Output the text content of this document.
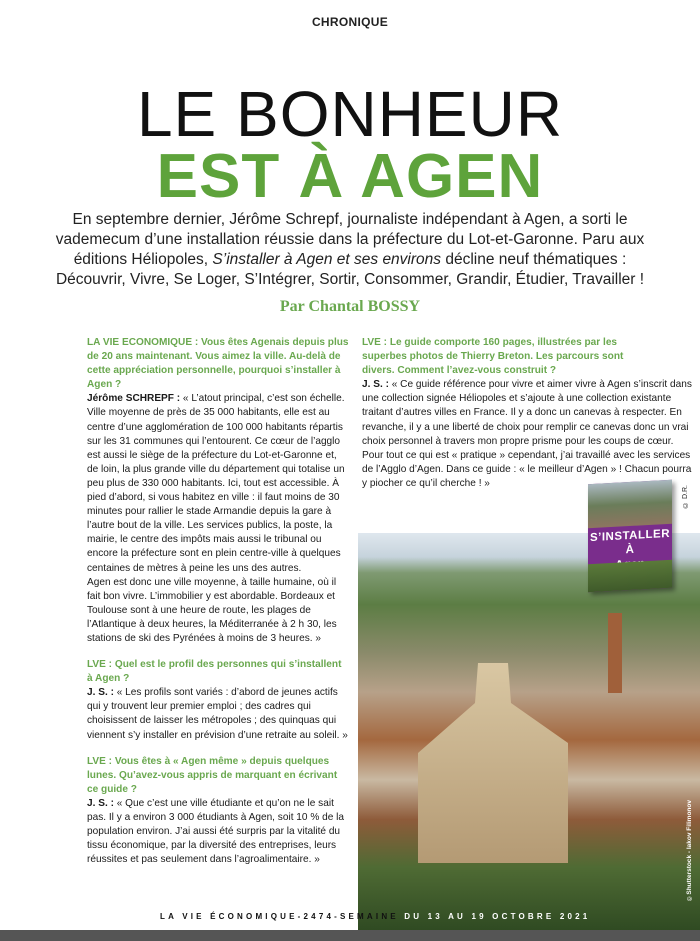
CHRONIQUE
LE BONHEUR
EST À AGEN

En septembre dernier, Jérôme Schrepf, journaliste indépendant à Agen, a sorti le vademecum d’une installation réussie dans la préfecture du Lot-et-Garonne. Paru aux éditions Héliopoles, S’installer à Agen et ses environs décline neuf thématiques : Découvrir, Vivre, Se Loger, S’Intégrer, Sortir, Consommer, Grandir, Étudier, Travailler !

Par Chantal BOSSY

LA VIE ECONOMIQUE : Vous êtes Agenais depuis plus de 20 ans maintenant. Vous aimez la ville. Au-delà de cette appréciation personnelle, pourquoi s’installer à Agen ?

Jérôme SCHREPF : « L’atout principal, c’est son échelle. Ville moyenne de près de 35 000 habitants, elle est au centre d’une agglomération de 100 000 habitants répartis sur les 31 communes qui l’entourent. Ce cœur de l’agglo est aussi le siège de la préfecture du Lot-et-Garonne et, de loin, la plus grande ville du département qui totalise un peu plus de 330 000 habitants. Ici, tout est accessible. À pied d’abord, si vous habitez en ville : il faut moins de 30 minutes pour rallier le stade Armandie depuis la gare à l’autre bout de la ville. Les services publics, la poste, la mairie, le centre des impôts mais aussi le tribunal ou encore la préfecture sont en plein centre-ville à quelques centaines de mètres à peine les uns des autres.

Agen est donc une ville moyenne, à taille humaine, où il fait bon vivre. L’immobilier y est abordable. Bordeaux et Toulouse sont à une heure de route, les plages de l’Atlantique à deux heures, la Méditerranée à 2 h 30, les stations de ski des Pyrénées à moins de 3 heures. »

LVE : Quel est le profil des personnes qui s’installent à Agen ?

J. S. : « Les profils sont variés : d’abord de jeunes actifs qui y trouvent leur premier emploi ; des cadres qui choisissent de laisser les métropoles ; des quinquas qui viennent s’y installer en prévision d’une retraite au soleil. »

LVE : Vous êtes à « Agen même » depuis quelques lunes. Qu’avez-vous appris de marquant en écrivant ce guide ?

J. S. : « Que c’est une ville étudiante et qu’on ne le sait pas. Il y a environ 3 000 étudiants à Agen, soit 10 % de la population environ. J’ai aussi été surpris par la vitalité du tissu économique, par la diversité des entreprises, leurs réussites et pas seulement dans l’agroalimentaire. »

LVE : Le guide comporte 160 pages, illustrées par les superbes photos de Thierry Breton. Les parcours sont divers. Comment l’avez-vous construit ?

J. S. : « Ce guide référence pour vivre et aimer vivre à Agen s’inscrit dans une collection signée Héliopoles et s’ajoute à une collection existante traitant d’autres villes en France. Il y a donc un canevas à respecter. En revanche, il y a une liberté de choix pour remplir ce canevas donc un vrai choix personnel à travers mon propre prisme pour les coups de cœur. Pour tout ce qui est « pratique » cependant, j’ai travaillé avec les services de l’Agglo d’Agen. Dans ce guide : « le meilleur d’Agen » ! Chacun pourra y piocher ce qu’il cherche ! »

S’INSTALLER À
© D.R.
©Shutterstock - Iakov Filimonov
LA VIE ÉCONOMIQUE-2474-SEMAINE DU 13 AU 19 OCTOBRE 2021
